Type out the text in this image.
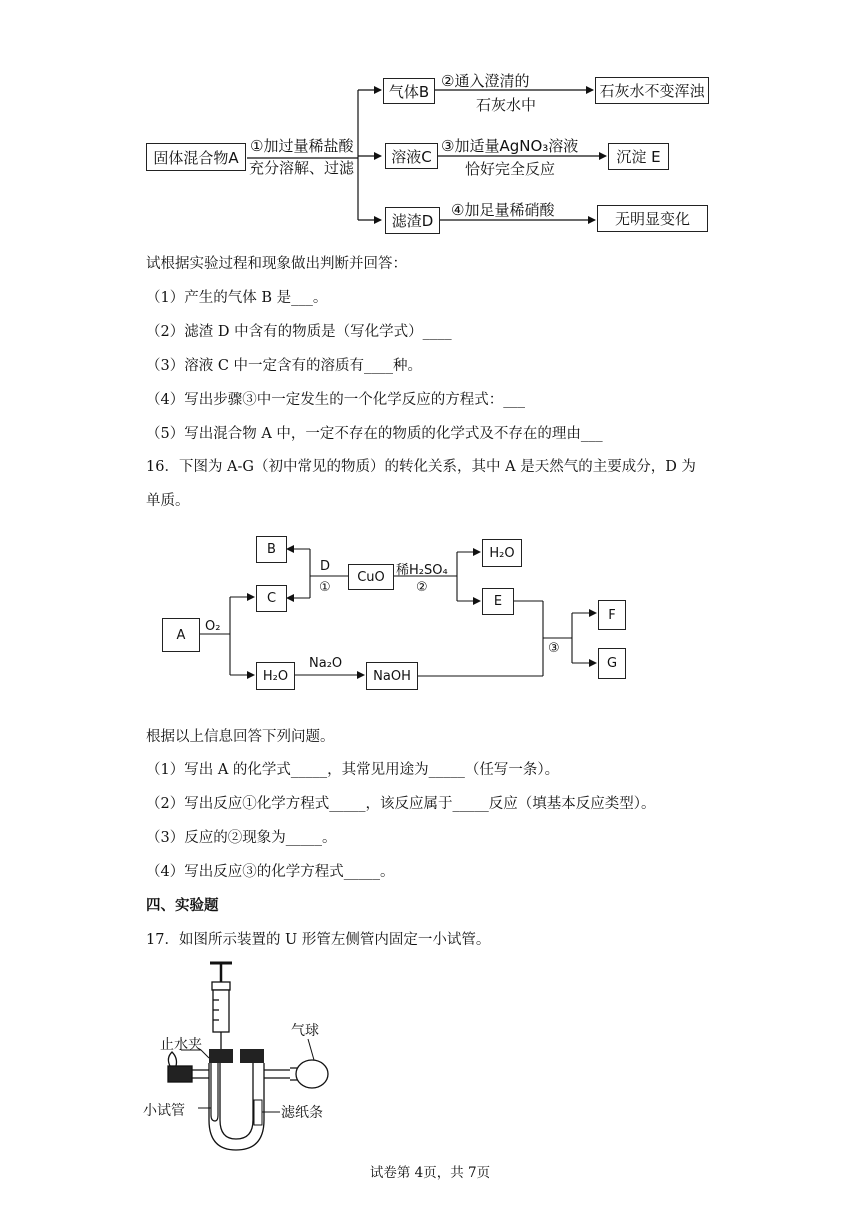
固体混合物A
①加过量稀盐酸
充分溶解、过滤
气体B
②通入澄清的
石灰水中
石灰水不变浑浊
溶液C
③加适量AgNO₃溶液
恰好完全反应
沉淀 E
滤渣D
④加足量稀硝酸	无明显变化
试根据实验过程和现象做出判断并回答：
（1）产生的气体 B 是___。
（2）滤渣 D 中含有的物质是（写化学式）____
（3）溶液 C 中一定含有的溶质有____种。
（4）写出步骤③中一定发生的一个化学反应的方程式：___
（5）写出混合物 A 中，一定不存在的物质的化学式及不存在的理由___
16．下图为 A-G（初中常见的物质）的转化关系，其中 A 是天然气的主要成分，D 为
单质。
A
O₂
B
C
D
①
CuO 稀H₂SO₄
②
H₂O
E
F
G
③
H₂O
Na₂O
NaOH
根据以上信息回答下列问题。
（1）写出 A 的化学式_____，其常见用途为_____（任写一条）。
（2）写出反应①化学方程式_____，该反应属于_____反应（填基本反应类型）。
（3）反应的②现象为_____。
（4）写出反应③的化学方程式_____。
四、实验题
17．如图所示装置的 U 形管左侧管内固定一小试管。
气球
止水夹
小试管	滤纸条
试卷第 4页，共 7页
